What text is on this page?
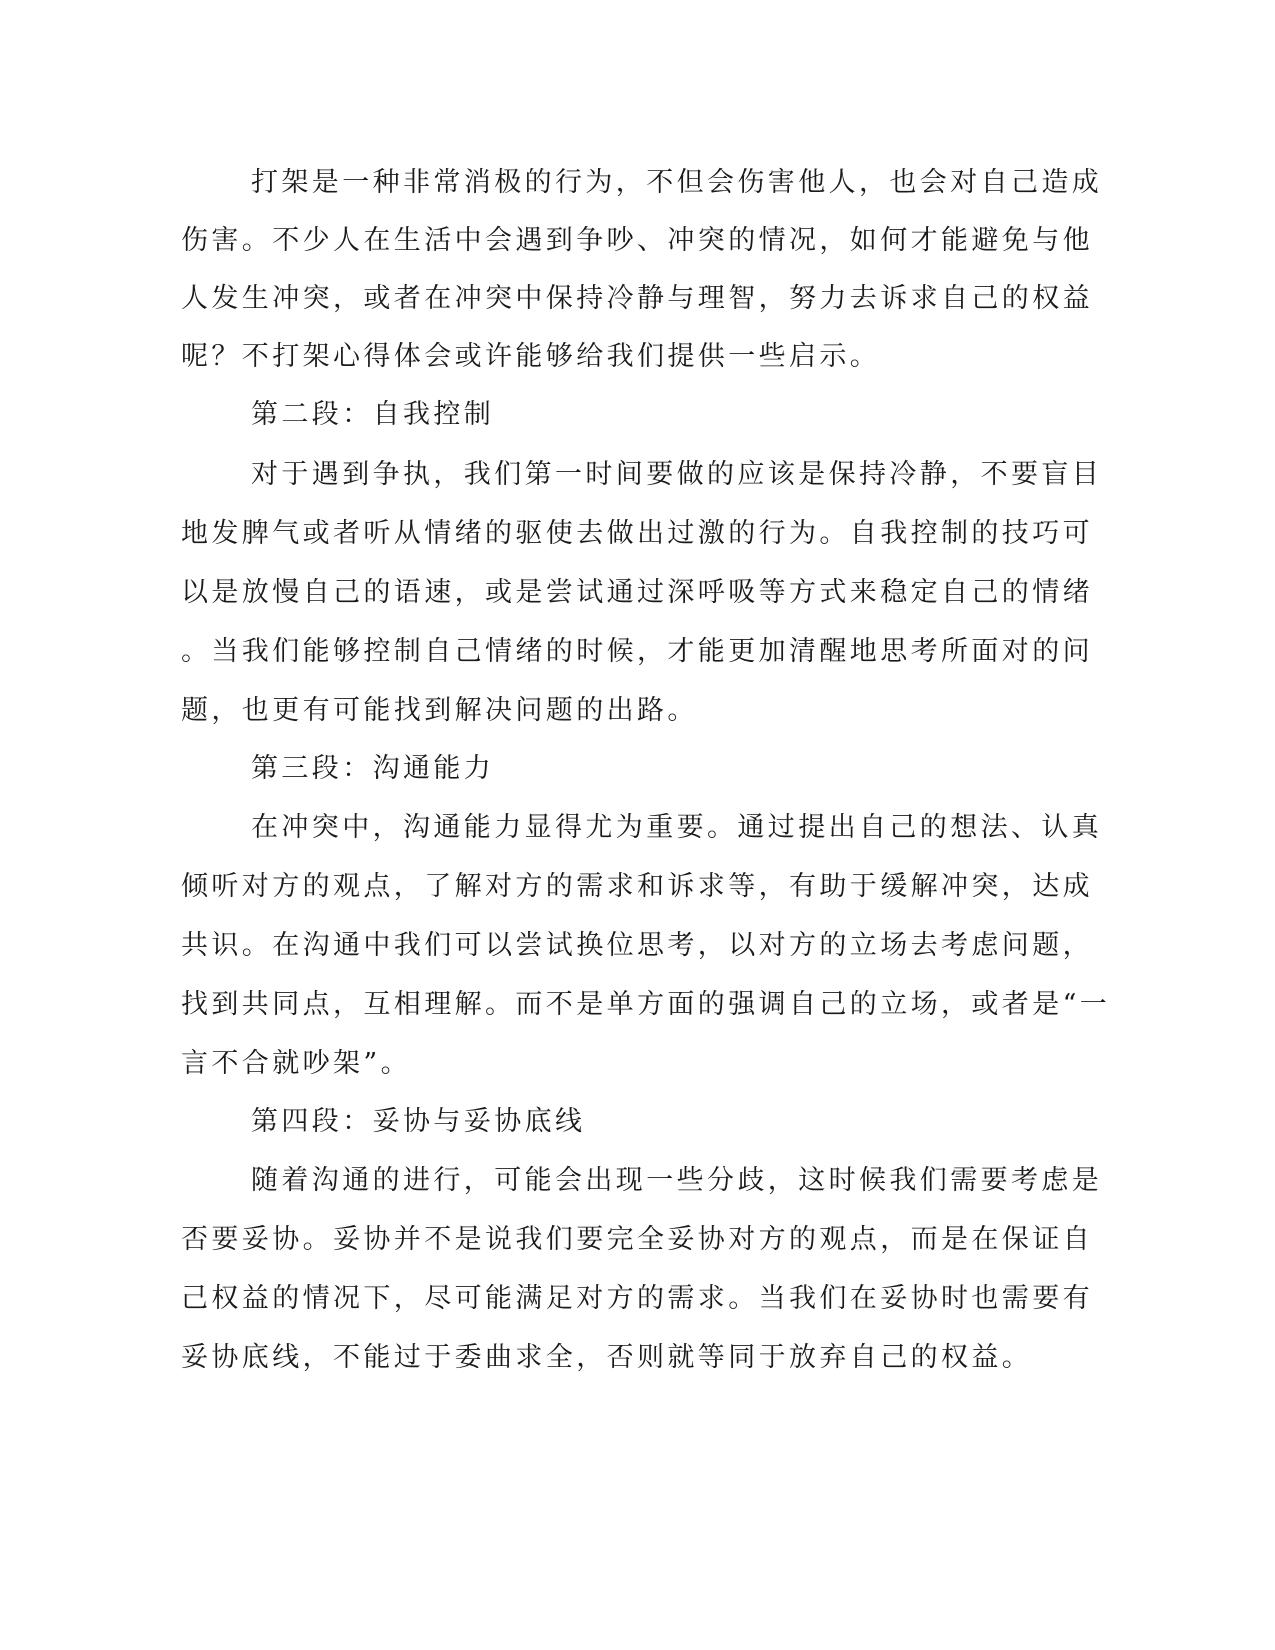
打架是一种非常消极的行为，不但会伤害他人，也会对自己造成
伤害。不少人在生活中会遇到争吵、冲突的情况，如何才能避免与他
人发生冲突，或者在冲突中保持冷静与理智，努力去诉求自己的权益
呢？不打架心得体会或许能够给我们提供一些启示。
第二段：自我控制
对于遇到争执，我们第一时间要做的应该是保持冷静，不要盲目
地发脾气或者听从情绪的驱使去做出过激的行为。自我控制的技巧可
以是放慢自己的语速，或是尝试通过深呼吸等方式来稳定自己的情绪
。当我们能够控制自己情绪的时候，才能更加清醒地思考所面对的问
题，也更有可能找到解决问题的出路。
第三段：沟通能力
在冲突中，沟通能力显得尤为重要。通过提出自己的想法、认真
倾听对方的观点，了解对方的需求和诉求等，有助于缓解冲突，达成
共识。在沟通中我们可以尝试换位思考，以对方的立场去考虑问题，
找到共同点，互相理解。而不是单方面的强调自己的立场，或者是“一
言不合就吵架”。
第四段：妥协与妥协底线
随着沟通的进行，可能会出现一些分歧，这时候我们需要考虑是
否要妥协。妥协并不是说我们要完全妥协对方的观点，而是在保证自
己权益的情况下，尽可能满足对方的需求。当我们在妥协时也需要有
妥协底线，不能过于委曲求全，否则就等同于放弃自己的权益。
